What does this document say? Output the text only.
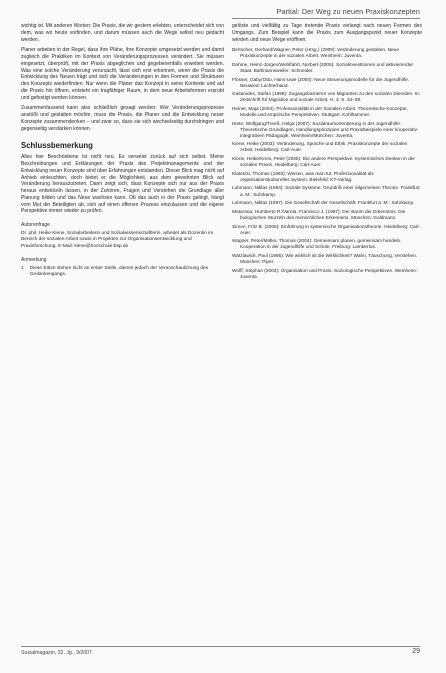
Partial: Der Weg zu neuen Praxiskonzepten

wichtig ist. Mit anderen Worten: Die Praxis, die wir gestern erlebten, unterscheidet sich von dem, was wir heute vorfinden, und darum müssen auch die Wege selbst neu gedacht werden.

Planer arbeiten in der Regel, dass ihre Pläne, ihre Konzepte umgesetzt werden und damit zugleich die Praktiken im Kontext von Veränderungsprozessen verändert. Sie müssen eingesetzt, überprüft, mit der Praxis abgeglichen und gegebenenfalls erweitert werden. Was eine solche Veränderung verursacht, lässt sich erst erkennen, wenn die Praxis die Entwicklung des Neuen trägt und sich die Veränderungen in den Formen und Strukturen des Konzepts wiederfinden. Nur wenn die Planer das Konzept in seine Kontexte und auf die Praxis hin öffnen, entsteht ein tragfähiger Raum, in dem neue Arbeitsformen erprobt und gefestigt werden können.

Zusammenfassend kann also schließlich gesagt werden: Wer Veränderungsprozesse anstößt und gestalten möchte, muss die Praxis, die Planer und die Entwicklung neuer Konzepte zusammendenken – und zwar so, dass sie sich wechselseitig durchdringen und gegenseitig verstärken können.

Schlussbemerkung

Alles hier Beschriebene ist nicht neu. Es verweist zurück auf sich selbst. Meine Beschreibungen und Erklärungen der Praxis des Projektmanagements und der Entwicklung neuer Konzepte sind über Erfahrungen entstanden. Dieser Blick mag nicht auf Anhieb einleuchten, doch bietet er die Möglichkeit, aus dem gewohnten Blick auf Veränderung herauszutreten. Dann zeigt sich, dass Konzepte sich nur aus der Praxis heraus entwickeln lassen, in der Zuhören, Fragen und Verstehen die Grundlage aller Planung bilden und das Neue wachsen kann. Ob das auch in der Praxis gelingt, hängt vom Mut der Beteiligten ab, sich auf einen offenen Prozess einzulassen und die eigene Perspektive immer wieder zu prüfen.

Autorenfrage

Dr. phil. Heike Kiene, Sozialarbeiterin und Sozialwissenschaftlerin, arbeitet als Dozentin im Bereich der sozialen Arbeit sowie in Projekten zur Organisationsentwicklung und Praxisforschung. E-Mail: kiene@hocschule-bsp.de

Anmerkung
1 Diese Sätze stehen nicht an erster Stelle, dienen jedoch der Veranschaulichung des Gedankengangs.

gelöste und vielfältig zu Tage tretende Praxis verlangt nach neuen Formen des Umgangs. Zum Beispiel kann die Praxis zum Ausgangspunkt neuer Konzepte werden und neue Wege eröffnen.

Bertscher, Gerhard/Wagner, Peter (Hrsg.) (2000): Veränderung gestalten. Neue Praxiskonzepte in der sozialen Arbeit. Weinheim: Juventa.

Dahme, Heinz-Jürgen/Wohlfahrt, Norbert (2005): Sozialinvestitionen und aktivierender Staat. Baltmannsweiler: Schneider.

Flösser, Gaby/Otto, Hans-Uwe (2004): Neue Steuerungsmodelle für die Jugendhilfe. Neuwied: Luchterhand.

Gaitanides, Stefan (1998): Zugangsbarrieren von Migranten zu den sozialen Diensten. In: Zeitschrift für Migration und soziale Arbeit, H. 3, S. 34–39.

Heiner, Maja (2004): Professionalität in der Sozialen Arbeit. Theoretische Konzepte, Modelle und empirische Perspektiven. Stuttgart: Kohlhammer.

Hinte, Wolfgang/Treeß, Helga (2007): Sozialraumorientierung in der Jugendhilfe. Theoretische Grundlagen, Handlungsprinzipien und Praxisbeispiele einer kooperativ-integrativen Pädagogik. Weinheim/München: Juventa.

Kiene, Heike (2003): Veränderung, Sprache und Ethik. Praxiskonzepte der sozialen Arbeit. Heidelberg: Carl-Auer.

Kiene, Heike/Kreis, Peter (2005): Die andere Perspektive. Systemisches Denken in der sozialen Praxis. Heidelberg: Carl-Auer.

Klatetzki, Thomas (1993): Wissen, was man tut. Professionalität als organisationskulturelles System. Bielefeld: KT-Verlag.

Luhmann, Niklas (1984): Soziale Systeme. Grundriß einer allgemeinen Theorie. Frankfurt a. M.: Suhrkamp.

Luhmann, Niklas (1997): Die Gesellschaft der Gesellschaft. Frankfurt a. M.: Suhrkamp.

Maturana, Humberto R./Varela, Francisco J. (1987): Der Baum der Erkenntnis. Die biologischen Wurzeln des menschlichen Erkennens. München: Goldmann.

Simon, Fritz B. (2006): Einführung in systemische Organisationstheorie. Heidelberg: Carl-Auer.

Wagner, Peter/Müller, Thomas (2004): Gemeinsam planen, gemeinsam handeln. Kooperation in der Jugendhilfe und Schule. Freiburg: Lambertus.

Watzlawick, Paul (1995): Wie wirklich ist die Wirklichkeit? Wahn, Täuschung, Verstehen. München: Piper.

Wolff, Stephan (2003): Organisation und Praxis. Soziologische Perspektiven. Weinheim: Juventa.

Sozialmagazin, 32. Jg., 9/2007	29
